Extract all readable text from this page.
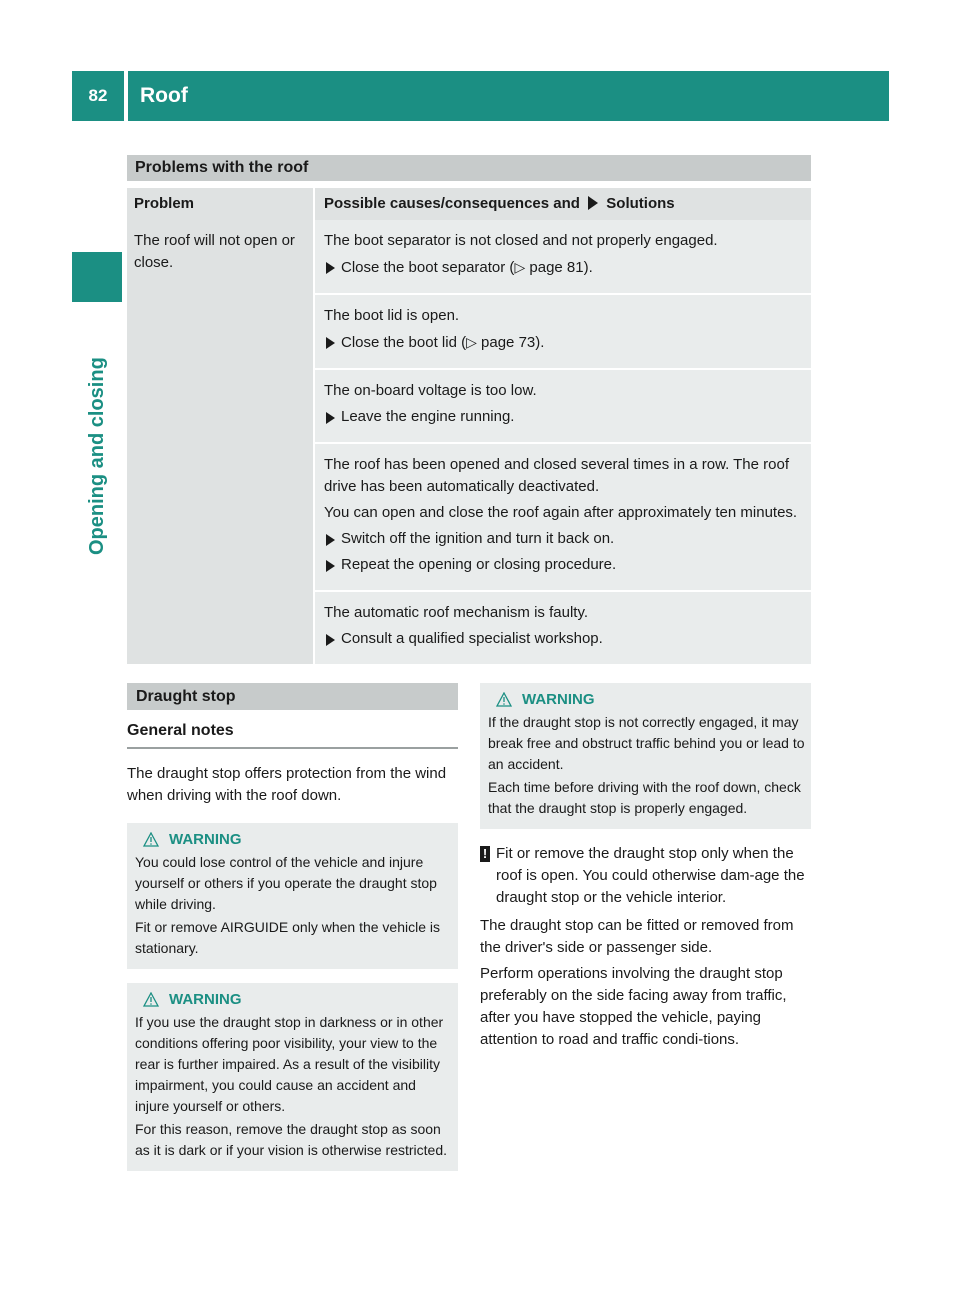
82	Roof
Opening and closing
Problems with the roof
Problem	Possible causes/consequences and Solutions
The roof will not open or close.

The boot separator is not closed and not properly engaged.

Close the boot separator (▷ page 81).

The boot lid is open.

Close the boot lid (▷ page 73).

The on-board voltage is too low.

Leave the engine running.

The roof has been opened and closed several times in a row. The roof drive has been automatically deactivated.

You can open and close the roof again after approximately ten minutes.

Switch off the ignition and turn it back on.

Repeat the opening or closing procedure.

The automatic roof mechanism is faulty.

Consult a qualified specialist workshop.

Draught stop
General notes

The draught stop offers protection from the wind when driving with the roof down.

WARNING

You could lose control of the vehicle and injure yourself or others if you operate the draught stop while driving.

Fit or remove AIRGUIDE only when the vehicle is stationary.

WARNING

If you use the draught stop in darkness or in other conditions offering poor visibility, your view to the rear is further impaired. As a result of the visibility impairment, you could cause an accident and injure yourself or others.

For this reason, remove the draught stop as soon as it is dark or if your vision is otherwise restricted.

WARNING

If the draught stop is not correctly engaged, it may break free and obstruct traffic behind you or lead to an accident.

Each time before driving with the roof down, check that the draught stop is properly engaged.

! Fit or remove the draught stop only when the roof is open. You could otherwise dam-age the draught stop or the vehicle interior.

The draught stop can be fitted or removed from the driver's side or passenger side.

Perform operations involving the draught stop preferably on the side facing away from traffic, after you have stopped the vehicle, paying attention to road and traffic condi-tions.
